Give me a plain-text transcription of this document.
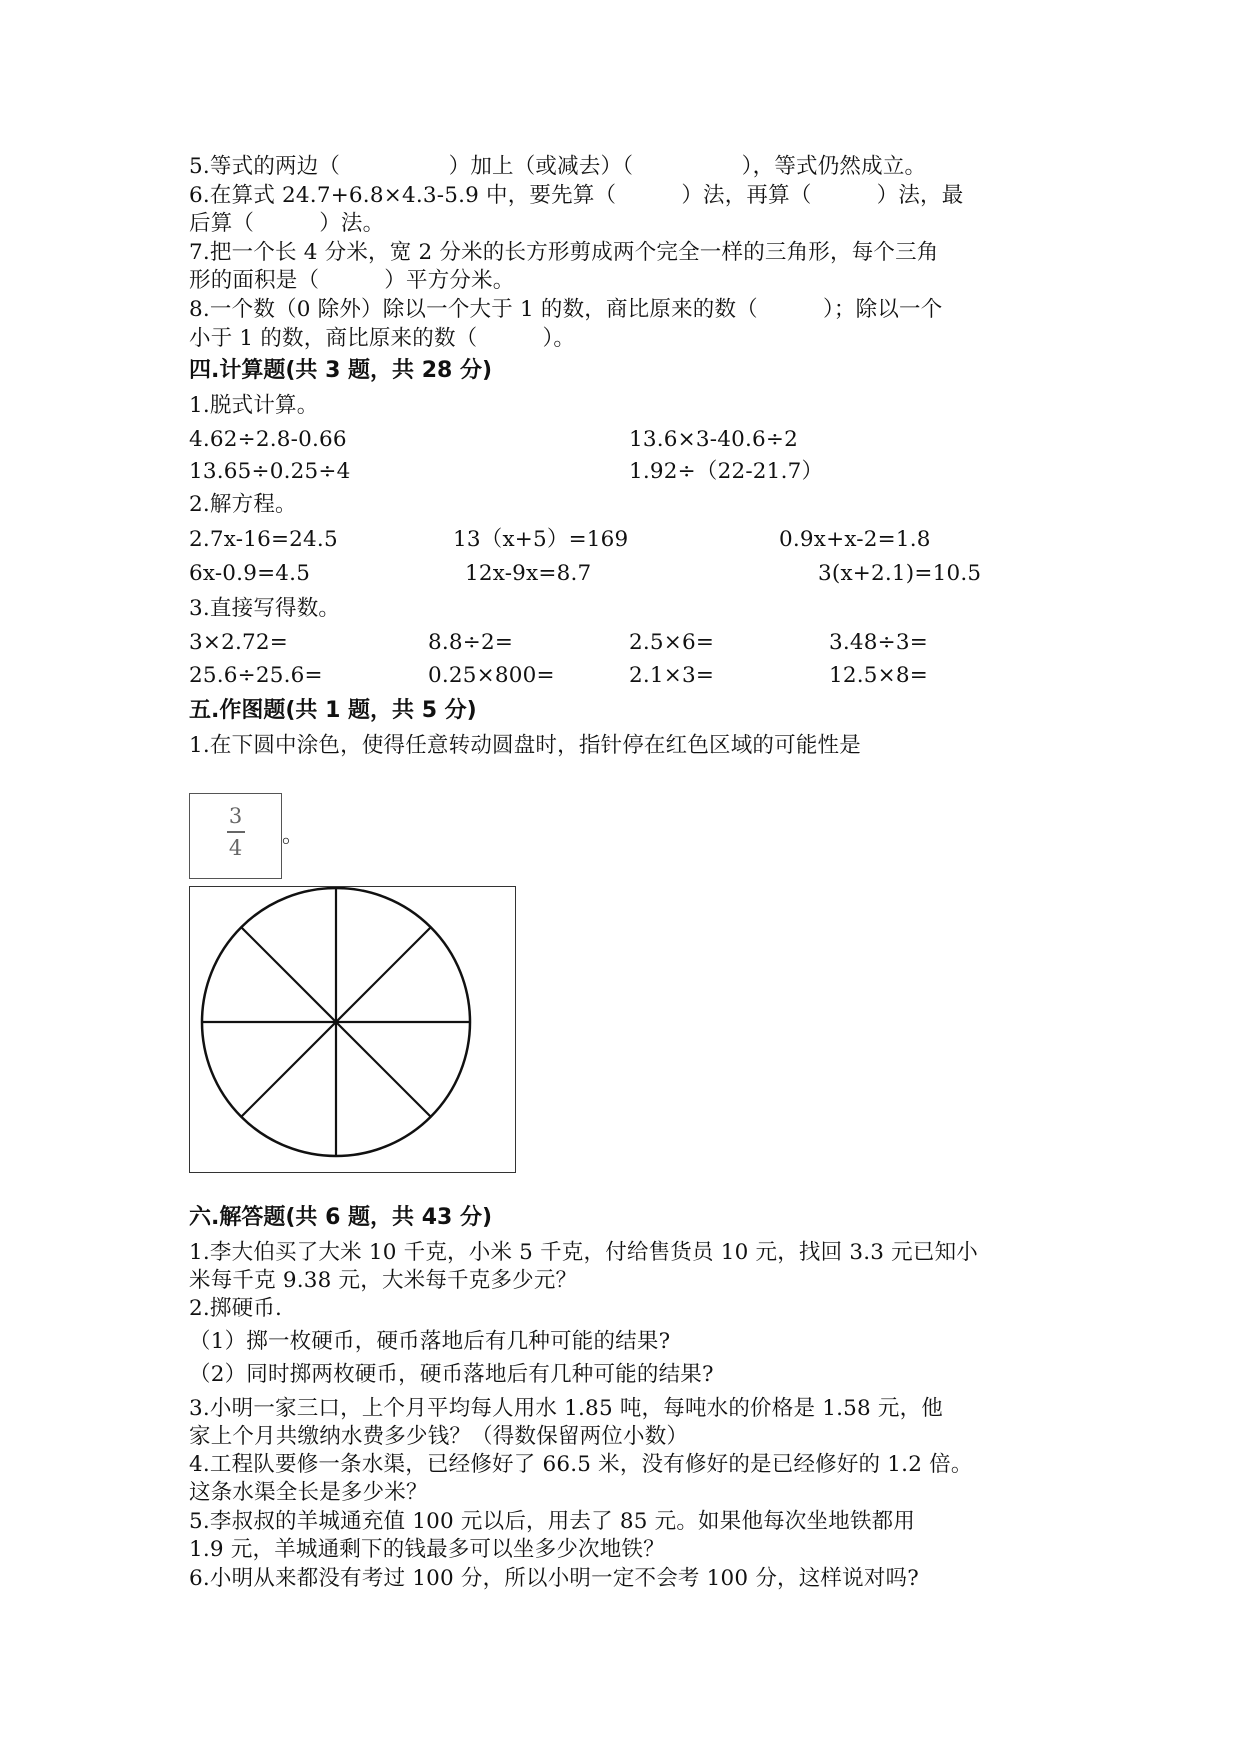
5.等式的两边（　　　　　）加上（或减去）（　　　　　），等式仍然成立。
6.在算式 24.7+6.8×4.3-5.9 中，要先算（　　　）法，再算（　　　）法，最
后算（　　　）法。
7.把一个长 4 分米，宽 2 分米的长方形剪成两个完全一样的三角形，每个三角
形的面积是（　　　）平方分米。
8.一个数（0 除外）除以一个大于 1 的数，商比原来的数（　　　）；除以一个
小于 1 的数，商比原来的数（　　　）。
四.计算题(共 3 题，共 28 分)
1.脱式计算。
4.62÷2.8-0.66	13.6×3-40.6÷2
13.65÷0.25÷4	1.92÷（22-21.7）
2.解方程。
2.7x-16=24.5	13（x+5）=169	0.9x+x-2=1.8
6x-0.9=4.5	12x-9x=8.7	3(x+2.1)=10.5
3.直接写得数。
3×2.72=	8.8÷2=	2.5×6=	3.48÷3=
25.6÷25.6=	0.25×800=	2.1×3=	12.5×8=
五.作图题(共 1 题，共 5 分)
1.在下圆中涂色，使得任意转动圆盘时，指针停在红色区域的可能性是
3
4	。
六.解答题(共 6 题，共 43 分)
1.李大伯买了大米 10 千克，小米 5 千克，付给售货员 10 元，找回 3.3 元已知小
米每千克 9.38 元，大米每千克多少元？
2.掷硬币.
（1）掷一枚硬币，硬币落地后有几种可能的结果?
（2）同时掷两枚硬币，硬币落地后有几种可能的结果?
3.小明一家三口，上个月平均每人用水 1.85 吨，每吨水的价格是 1.58 元，他
家上个月共缴纳水费多少钱？（得数保留两位小数）
4.工程队要修一条水渠，已经修好了 66.5 米，没有修好的是已经修好的 1.2 倍。
这条水渠全长是多少米？
5.李叔叔的羊城通充值 100 元以后，用去了 85 元。如果他每次坐地铁都用
1.9 元，羊城通剩下的钱最多可以坐多少次地铁？
6.小明从来都没有考过 100 分，所以小明一定不会考 100 分，这样说对吗?
